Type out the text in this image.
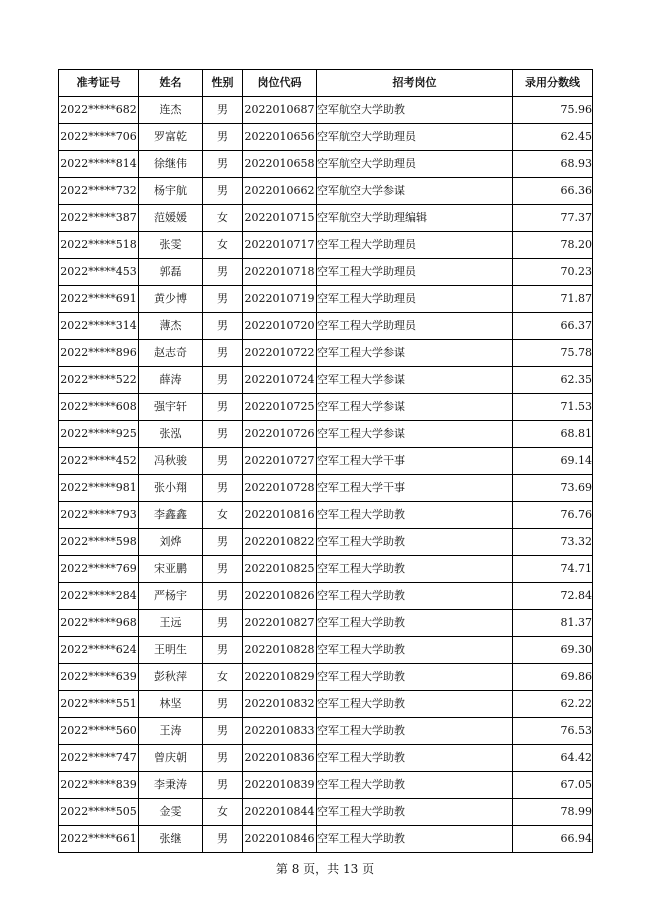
准考证号	姓名	性别	岗位代码	招考岗位	录用分数线
2022*****682	连杰	男	2022010687	空军航空大学助教	75.96
2022*****706	罗富乾	男	2022010656	空军航空大学助理员	62.45
2022*****814	徐继伟	男	2022010658	空军航空大学助理员	68.93
2022*****732	杨宇航	男	2022010662	空军航空大学参谋	66.36
2022*****387	范媛媛	女	2022010715	空军航空大学助理编辑	77.37
2022*****518	张雯	女	2022010717	空军工程大学助理员	78.20
2022*****453	郭磊	男	2022010718	空军工程大学助理员	70.23
2022*****691	黄少博	男	2022010719	空军工程大学助理员	71.87
2022*****314	薄杰	男	2022010720	空军工程大学助理员	66.37
2022*****896	赵志奇	男	2022010722	空军工程大学参谋	75.78
2022*****522	薛涛	男	2022010724	空军工程大学参谋	62.35
2022*****608	强宇轩	男	2022010725	空军工程大学参谋	71.53
2022*****925	张泓	男	2022010726	空军工程大学参谋	68.81
2022*****452	冯秋骏	男	2022010727	空军工程大学干事	69.14
2022*****981	张小翔	男	2022010728	空军工程大学干事	73.69
2022*****793	李鑫鑫	女	2022010816	空军工程大学助教	76.76
2022*****598	刘烨	男	2022010822	空军工程大学助教	73.32
2022*****769	宋亚鹏	男	2022010825	空军工程大学助教	74.71
2022*****284	严杨宇	男	2022010826	空军工程大学助教	72.84
2022*****968	王远	男	2022010827	空军工程大学助教	81.37
2022*****624	王明生	男	2022010828	空军工程大学助教	69.30
2022*****639	彭秋萍	女	2022010829	空军工程大学助教	69.86
2022*****551	林坚	男	2022010832	空军工程大学助教	62.22
2022*****560	王涛	男	2022010833	空军工程大学助教	76.53
2022*****747	曾庆朝	男	2022010836	空军工程大学助教	64.42
2022*****839	李秉涛	男	2022010839	空军工程大学助教	67.05
2022*****505	金雯	女	2022010844	空军工程大学助教	78.99
2022*****661	张继	男	2022010846	空军工程大学助教	66.94
第 8 页，共 13 页
